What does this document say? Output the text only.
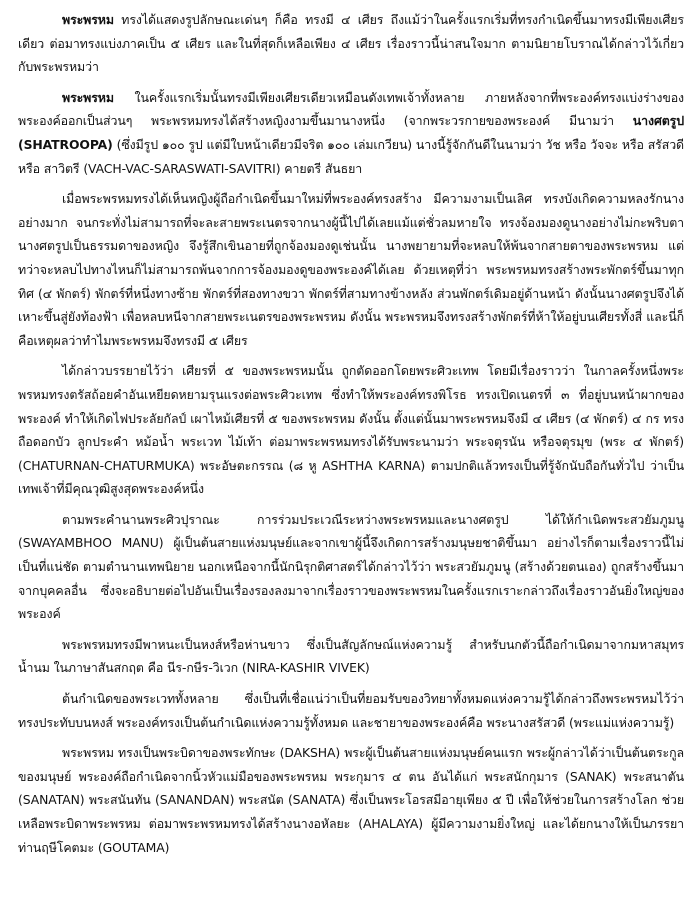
พระพรหม ทรงได้แสดงรูปลักษณะเด่นๆ ก็คือ ทรงมี ๔ เศียร ถึงแม้ว่าในครั้งแรกเริ่มที่ทรงกำเนิดขึ้นมาทรงมีเพียงเศียรเดียว ต่อมาทรงแบ่งภาคเป็น ๕ เศียร และในที่สุดก็เหลือเพียง ๔ เศียร เรื่องราวนี้น่าสนใจมาก ตามนิยายโบราณได้กล่าวไว้เกี่ยวกับพระพรหมว่า

พระพรหม ในครั้งแรกเริ่มนั้นทรงมีเพียงเศียรเดียวเหมือนดังเทพเจ้าทั้งหลาย ภายหลังจากที่พระองค์ทรงแบ่งร่างของพระองค์ออกเป็นส่วนๆ พระพรหมทรงได้สร้างหญิงงามขึ้นมานางหนึ่ง (จากพระวรกายของพระองค์ มีนามว่า นางศตรูป (SHATROOPA) (ซึ่งมีรูป ๑๐๐ รูป แต่มีใบหน้าเดียวมีจริต ๑๐๐ เล่มเกวียน) นางนี้รู้จักกันดีในนามว่า วัช หรือ วัจจะ หรือ สรัสวดี หรือ สาวิตรี (VACH-VAC-SARASWATI-SAVITRI) คายตรี สันธยา

เมื่อพระพรหมทรงได้เห็นหญิงผู้ถือกำเนิดขึ้นมาใหม่ที่พระองค์ทรงสร้าง มีความงามเป็นเลิศ ทรงบังเกิดความหลงรักนางอย่างมาก จนกระทั่งไม่สามารถที่จะละสายพระเนตรจากนางผู้นี้ไปได้เลยแม้แต่ชั่วลมหายใจ ทรงจ้องมองดูนางอย่างไม่กะพริบตา นางศตรูปเป็นธรรมดาของหญิง จึงรู้สึกเขินอายที่ถูกจ้องมองดูเช่นนั้น นางพยายามที่จะหลบให้พ้นจากสายตาของพระพรหม แต่ทว่าจะหลบไปทางไหนก็ไม่สามารถพ้นจากการจ้องมองดูของพระองค์ได้เลย ด้วยเหตุที่ว่า พระพรหมทรงสร้างพระพักตร์ขึ้นมาทุกทิศ (๔ พักตร์) พักตร์ที่หนึ่งทางซ้าย พักตร์ที่สองทางขวา พักตร์ที่สามทางข้างหลัง ส่วนพักตร์เดิมอยู่ด้านหน้า ดังนั้นนางศตรูปจึงได้เหาะขึ้นสู่ยังท้องฟ้า เพื่อหลบหนีจากสายพระเนตรของพระพรหม ดังนั้น พระพรหมจึงทรงสร้างพักตร์ที่ห้าให้อยู่บนเศียรทั้งสี่ และนี่ก็คือเหตุผลว่าทำไมพระพรหมจึงทรงมี ๕ เศียร

ได้กล่าวบรรยายไว้ว่า เศียรที่ ๕ ของพระพรหมนั้น ถูกตัดออกโดยพระศิวะเทพ โดยมีเรื่องราวว่า ในกาลครั้งหนึ่งพระพรหมทรงตรัสถ้อยคำอันเหยียดหยามรุนแรงต่อพระศิวะเทพ ซึ่งทำให้พระองค์ทรงพิโรธ ทรงเปิดเนตรที่ ๓ ที่อยู่บนหน้าผากของพระองค์ ทำให้เกิดไฟประลัยกัลป์ เผาไหม้เศียรที่ ๕ ของพระพรหม ดังนั้น ตั้งแต่นั้นมาพระพรหมจึงมี ๔ เศียร (๔ พักตร์) ๔ กร ทรงถือดอกบัว ลูกประคำ หม้อน้ำ พระเวท ไม้เท้า ต่อมาพระพรหมทรงได้รับพระนามว่า พระจตุรนัน หรือจตุรมุข (พระ ๔ พักตร์) (CHATURNAN-CHATURMUKA) พระอัษตะกรรณ (๘ หู ASHTHA KARNA) ตามปกติแล้วทรงเป็นที่รู้จักนับถือกันทั่วไป ว่าเป็นเทพเจ้าที่มีคุณวุฒิสูงสุดพระองค์หนึ่ง

ตามพระคำนานพระศิวปุราณะ การร่วมประเวณีระหว่างพระพรหมและนางศตรูป ได้ให้กำเนิดพระสวยัมภูมนู (SWAYAMBHOO MANU) ผู้เป็นต้นสายแห่งมนุษย์และจากเขาผู้นี้จึงเกิดการสร้างมนุษยชาติขึ้นมา อย่างไรก็ตามเรื่องราวนี้ไม่เป็นที่แน่ชัด ตามตำนานเทพนิยาย นอกเหนือจากนี้นักนิรุกติศาสตร์ได้กล่าวไว้ว่า พระสวยัมภูมนู (สร้างด้วยตนเอง) ถูกสร้างขึ้นมาจากบุคคลอื่น ซึ่งจะอธิบายต่อไปอันเป็นเรื่องรองลงมาจากเรื่องราวของพระพรหมในครั้งแรกเราะกล่าวถึงเรื่องราวอันยิ่งใหญ่ของพระองค์

พระพรหมทรงมีพาหนะเป็นหงส์หรือห่านขาว ซึ่งเป็นสัญลักษณ์แห่งความรู้ สำหรับนกตัวนี้ถือกำเนิดมาจากมหาสมุทรน้ำนม ในภาษาสันสกฤต คือ นีร-กษีร-วิเวก (NIRA-KASHIR VIVEK)

ต้นกำเนิดของพระเวททั้งหลาย ซึ่งเป็นที่เชื่อแน่ว่าเป็นที่ยอมรับของวิทยาทั้งหมดแห่งความรู้ได้กล่าวถึงพระพรหมไว้ว่า ทรงประทับบนหงส์ พระองค์ทรงเป็นต้นกำเนิดแห่งความรู้ทั้งหมด และชายาของพระองค์คือ พระนางสรัสวดี (พระแม่แห่งความรู้)

พระพรหม ทรงเป็นพระบิดาของพระทักษะ (DAKSHA) พระผู้เป็นต้นสายแห่งมนุษย์คนแรก พระผู้กล่าวได้ว่าเป็นต้นตระกูลของมนุษย์ พระองค์ถือกำเนิดจากนิ้วหัวแม่มือของพระพรหม พระกุมาร ๔ ตน อันได้แก่ พระสนักกุมาร (SANAK) พระสนาตัน (SANATAN) พระสนันทัน (SANANDAN) พระสนัต (SANATA) ซึ่งเป็นพระโอรสมีอายุเพียง ๕ ปี เพื่อให้ช่วยในการสร้างโลก ช่วยเหลือพระบิดาพระพรหม ต่อมาพระพรหมทรงได้สร้างนางอหัลยะ (AHALAYA) ผู้มีความงามยิ่งใหญ่ และได้ยกนางให้เป็นภรรยาท่านฤษีโคตมะ (GOUTAMA)
